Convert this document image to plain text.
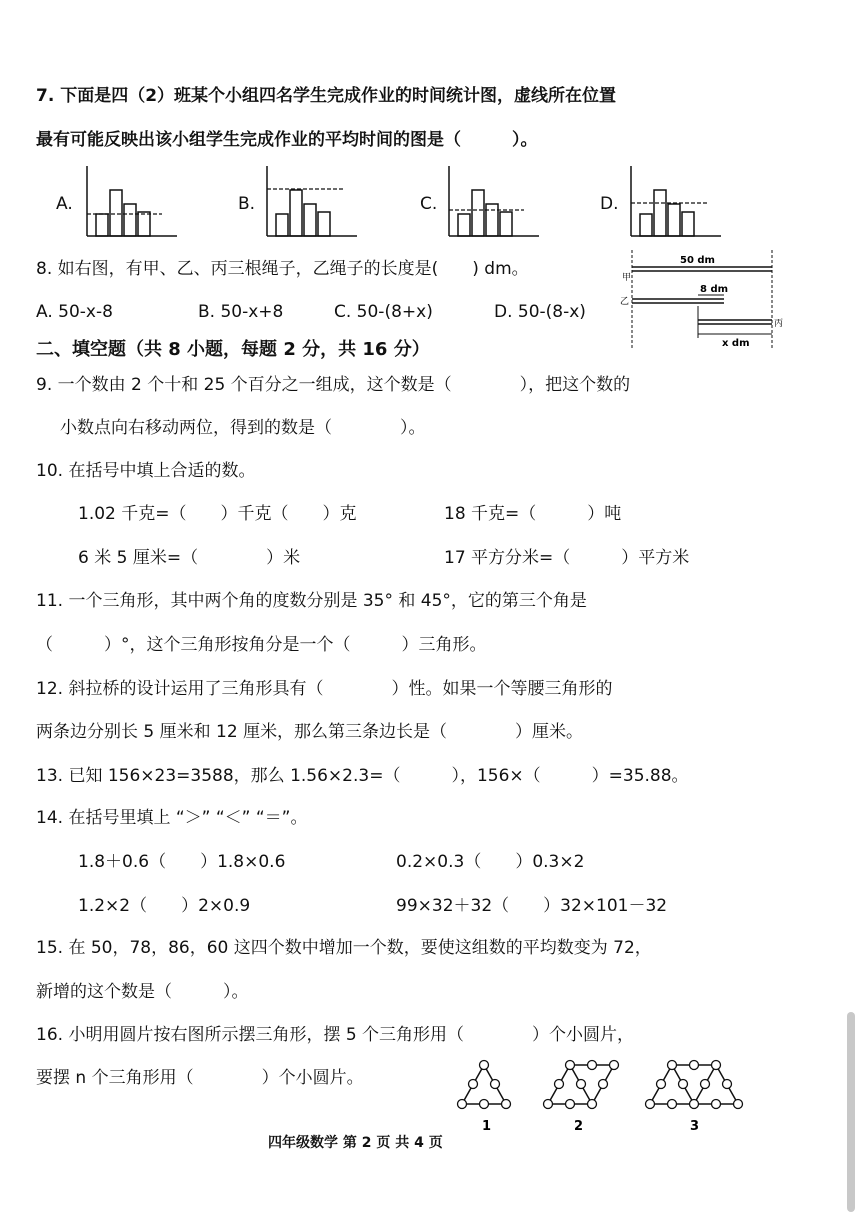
7. 下面是四（2）班某个小组四名学生完成作业的时间统计图，虚线所在位置
最有可能反映出该小组学生完成作业的平均时间的图是（　　　）。
A.	B.	C.	D.
8. 如右图，有甲、乙、丙三根绳子，乙绳子的长度是(　　) dm。
A. 50-x-8	B. 50-x+8	C. 50-(8+x)	D. 50-(8-x)
甲
50 dm
乙
8 dm
丙
x dm
二、填空题（共 8 小题，每题 2 分，共 16 分）
9. 一个数由 2 个十和 25 个百分之一组成，这个数是（　　　　），把这个数的
小数点向右移动两位，得到的数是（　　　　）。
10. 在括号中填上合适的数。
1.02 千克=（　　）千克（　　）克	18 千克=（　　　）吨
6 米 5 厘米=（　　　　）米	17 平方分米=（　　　）平方米
11. 一个三角形，其中两个角的度数分别是 35° 和 45°，它的第三个角是
（　　　）°，这个三角形按角分是一个（　　　）三角形。
12. 斜拉桥的设计运用了三角形具有（　　　　）性。如果一个等腰三角形的
两条边分别长 5 厘米和 12 厘米，那么第三条边长是（　　　　）厘米。
13. 已知 156×23=3588，那么 1.56×2.3=（　　　），156×（　　　）=35.88。
14. 在括号里填上 “＞” “＜” “＝”。
1.8＋0.6（　　）1.8×0.6	0.2×0.3（　　）0.3×2
1.2×2（　　）2×0.9	99×32＋32（　　）32×101－32
15. 在 50，78，86，60 这四个数中增加一个数，要使这组数的平均数变为 72，
新增的这个数是（　　　）。
16. 小明用圆片按右图所示摆三角形，摆 5 个三角形用（　　　　）个小圆片，
要摆 n 个三角形用（　　　　）个小圆片。
1	2	3
四年级数学 第 2 页 共 4 页
